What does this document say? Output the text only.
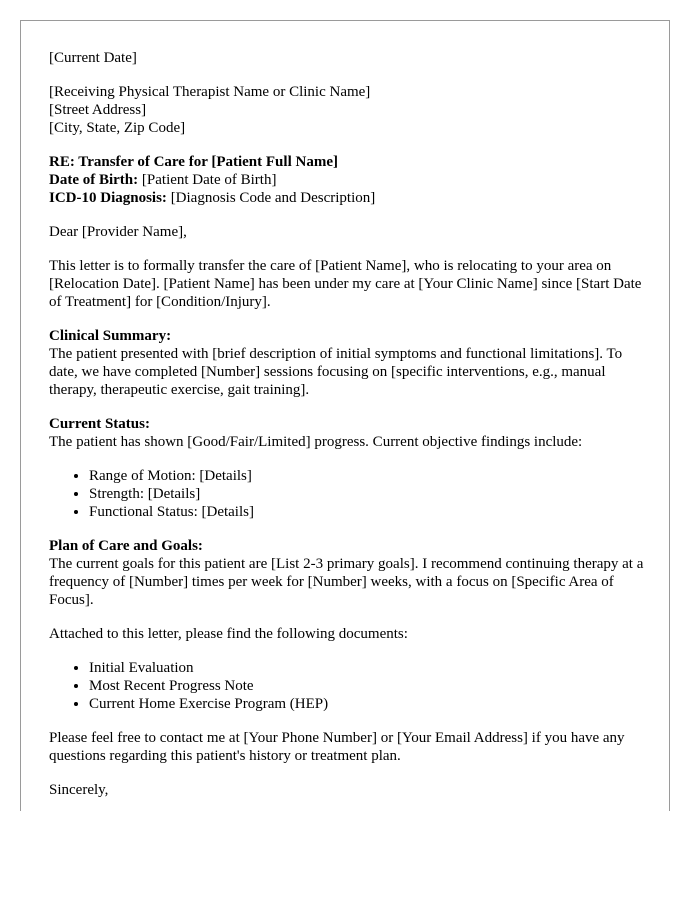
[Current Date]

[Receiving Physical Therapist Name or Clinic Name]
[Street Address]
[City, State, Zip Code]

RE: Transfer of Care for [Patient Full Name]
Date of Birth: [Patient Date of Birth]
ICD-10 Diagnosis: [Diagnosis Code and Description]

Dear [Provider Name],

This letter is to formally transfer the care of [Patient Name], who is relocating to your area on [Relocation Date]. [Patient Name] has been under my care at [Your Clinic Name] since [Start Date of Treatment] for [Condition/Injury].

Clinical Summary:
The patient presented with [brief description of initial symptoms and functional limitations]. To date, we have completed [Number] sessions focusing on [specific interventions, e.g., manual therapy, therapeutic exercise, gait training].

Current Status:
The patient has shown [Good/Fair/Limited] progress. Current objective findings include:

• Range of Motion: [Details]
• Strength: [Details]
• Functional Status: [Details]

Plan of Care and Goals:
The current goals for this patient are [List 2-3 primary goals]. I recommend continuing therapy at a frequency of [Number] times per week for [Number] weeks, with a focus on [Specific Area of Focus].

Attached to this letter, please find the following documents:

• Initial Evaluation
• Most Recent Progress Note
• Current Home Exercise Program (HEP)

Please feel free to contact me at [Your Phone Number] or [Your Email Address] if you have any questions regarding this patient's history or treatment plan.

Sincerely,
